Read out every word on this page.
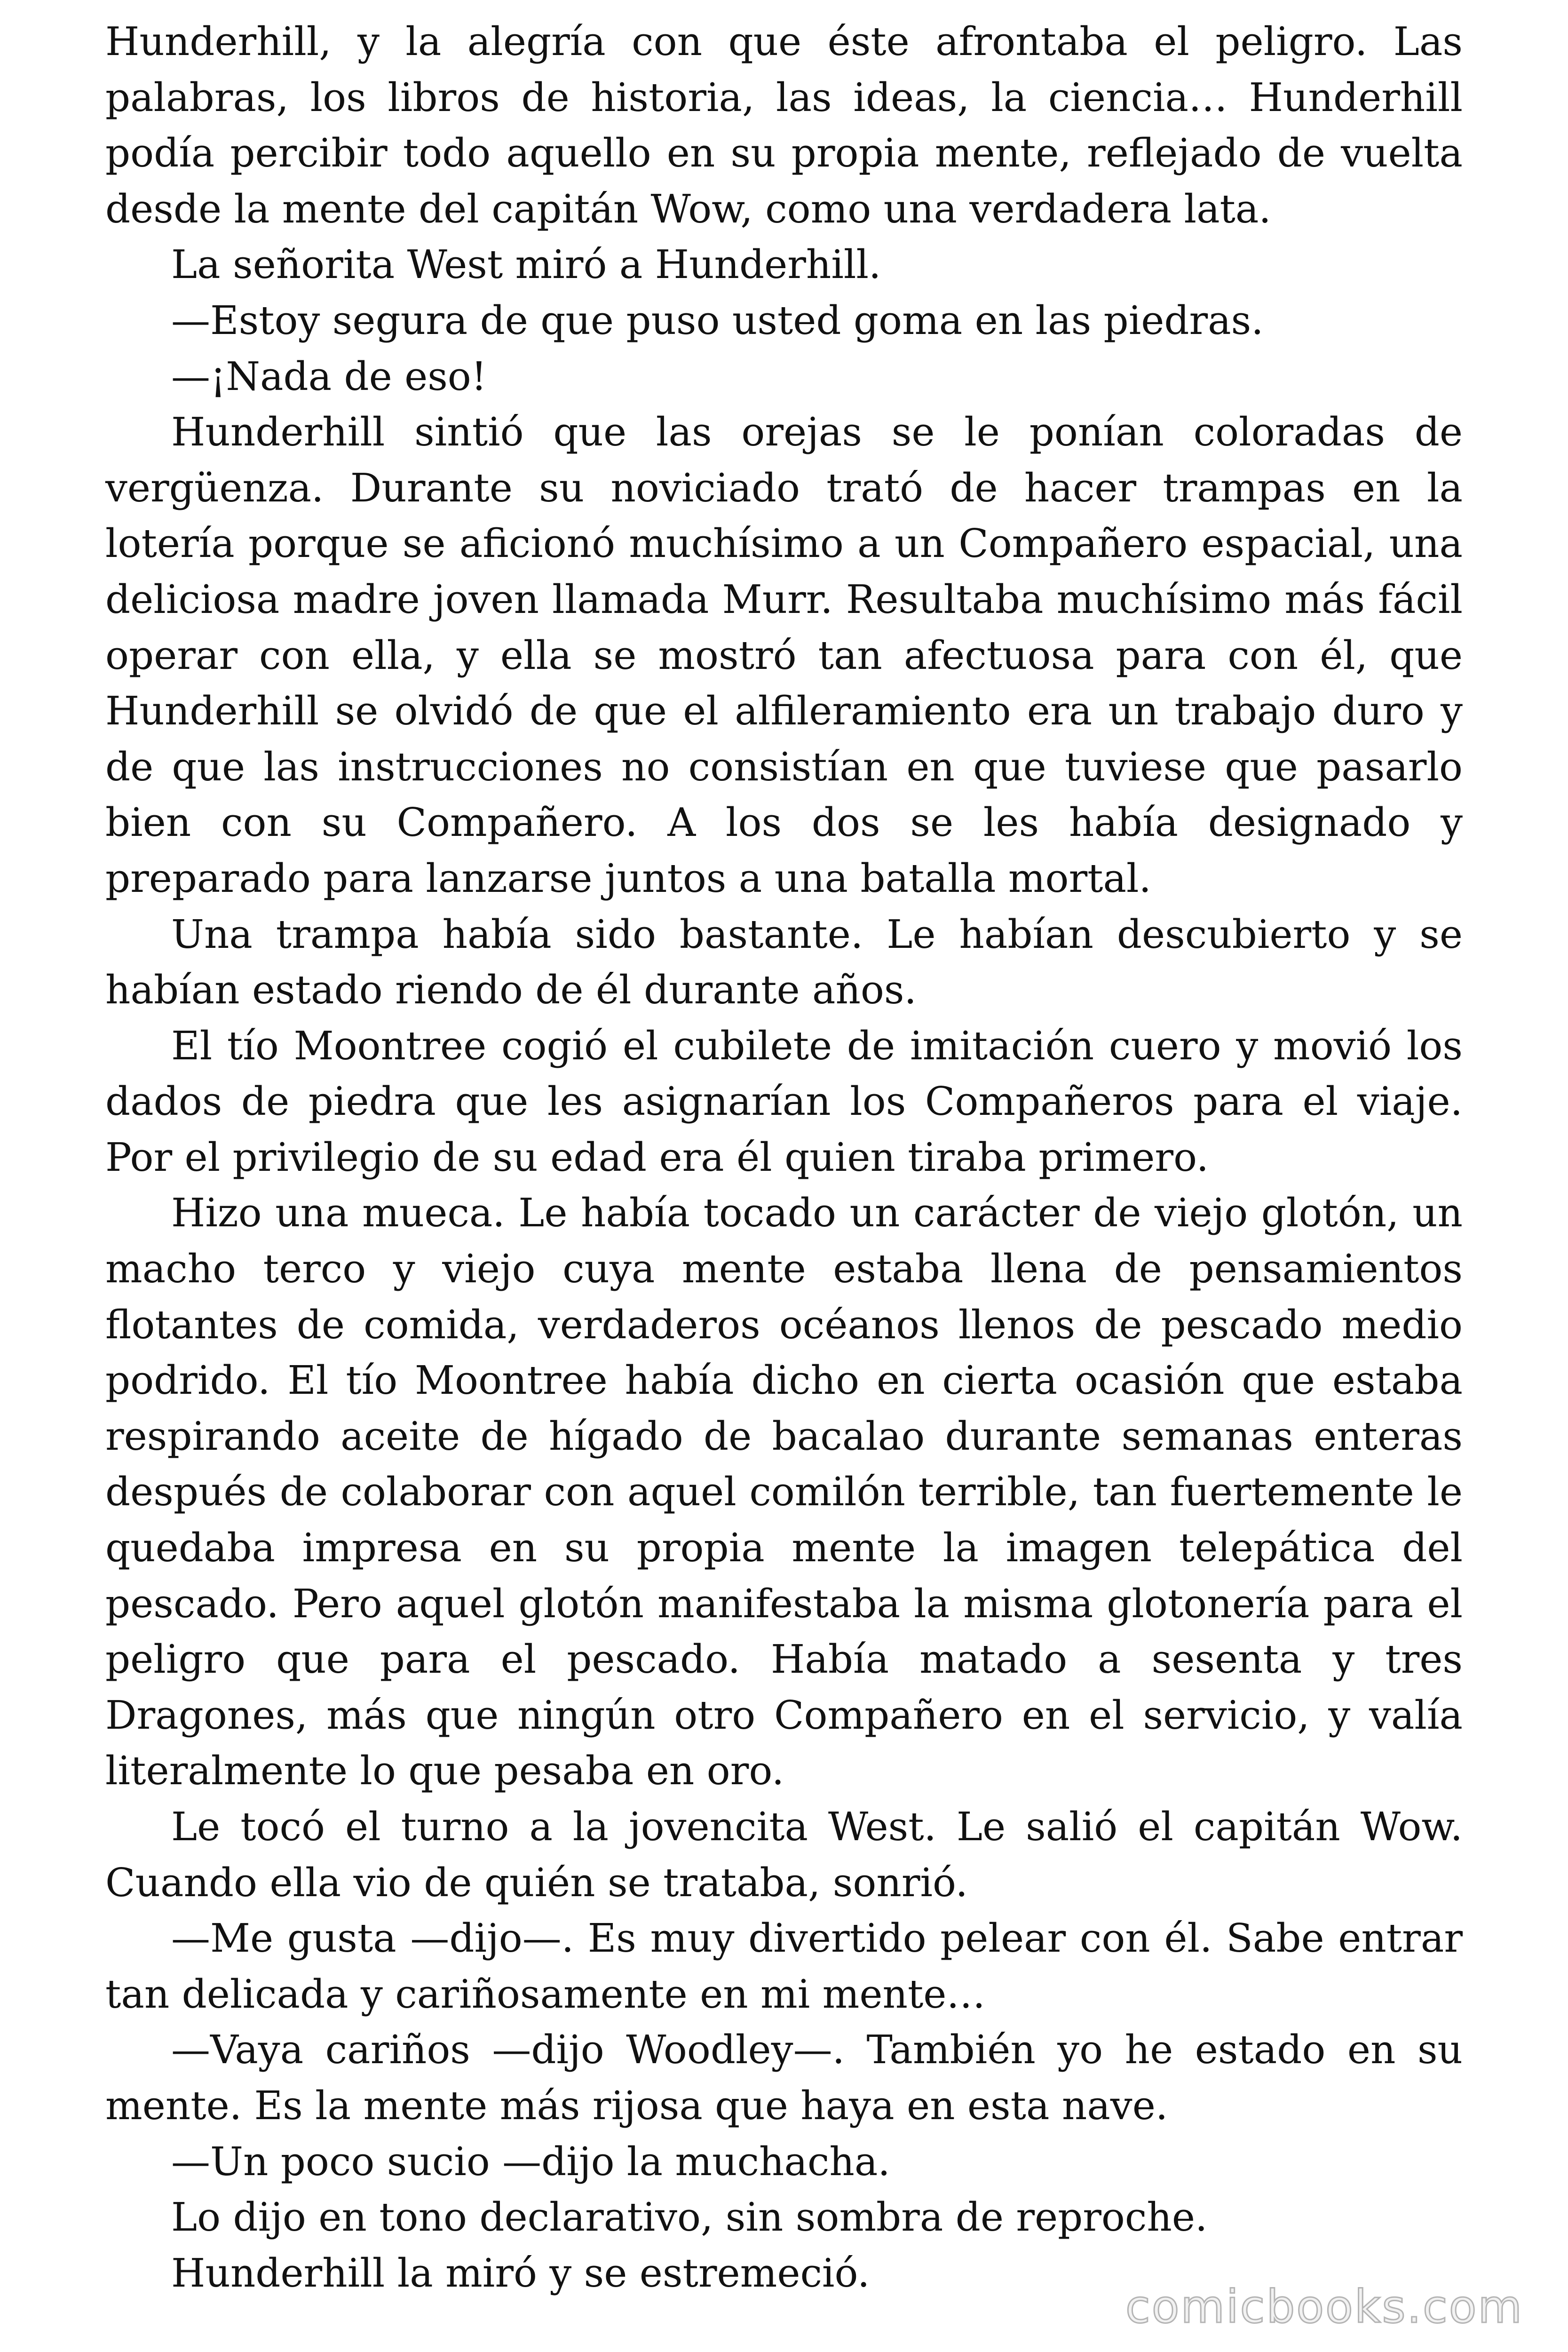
Hunderhill, y la alegría con que éste afrontaba el peligro. Las palabras, los libros de historia, las ideas, la ciencia… Hunderhill podía percibir todo aquello en su propia mente, reflejado de vuelta desde la mente del capitán Wow, como una verdadera lata.

La señorita West miró a Hunderhill.

—Estoy segura de que puso usted goma en las piedras.

—¡Nada de eso!

Hunderhill sintió que las orejas se le ponían coloradas de vergüenza. Durante su noviciado trató de hacer trampas en la lotería porque se aficionó muchísimo a un Compañero espacial, una deliciosa madre joven llamada Murr. Resultaba muchísimo más fácil operar con ella, y ella se mostró tan afectuosa para con él, que Hunderhill se olvidó de que el alfileramiento era un trabajo duro y de que las instrucciones no consistían en que tuviese que pasarlo bien con su Compañero. A los dos se les había designado y preparado para lanzarse juntos a una batalla mortal.

Una trampa había sido bastante. Le habían descubierto y se habían estado riendo de él durante años.

El tío Moontree cogió el cubilete de imitación cuero y movió los dados de piedra que les asignarían los Compañeros para el viaje. Por el privilegio de su edad era él quien tiraba primero.

Hizo una mueca. Le había tocado un carácter de viejo glotón, un macho terco y viejo cuya mente estaba llena de pensamientos flotantes de comida, verdaderos océanos llenos de pescado medio podrido. El tío Moontree había dicho en cierta ocasión que estaba respirando aceite de hígado de bacalao durante semanas enteras después de colaborar con aquel comilón terrible, tan fuertemente le quedaba impresa en su propia mente la imagen telepática del pescado. Pero aquel glotón manifestaba la misma glotonería para el peligro que para el pescado. Había matado a sesenta y tres Dragones, más que ningún otro Compañero en el servicio, y valía literalmente lo que pesaba en oro.

Le tocó el turno a la jovencita West. Le salió el capitán Wow. Cuando ella vio de quién se trataba, sonrió.

—Me gusta —dijo—. Es muy divertido pelear con él. Sabe entrar tan delicada y cariñosamente en mi mente…

—Vaya cariños —dijo Woodley—. También yo he estado en su mente. Es la mente más rijosa que haya en esta nave.

—Un poco sucio —dijo la muchacha.

Lo dijo en tono declarativo, sin sombra de reproche.

Hunderhill la miró y se estremeció.

comicbooks.com
